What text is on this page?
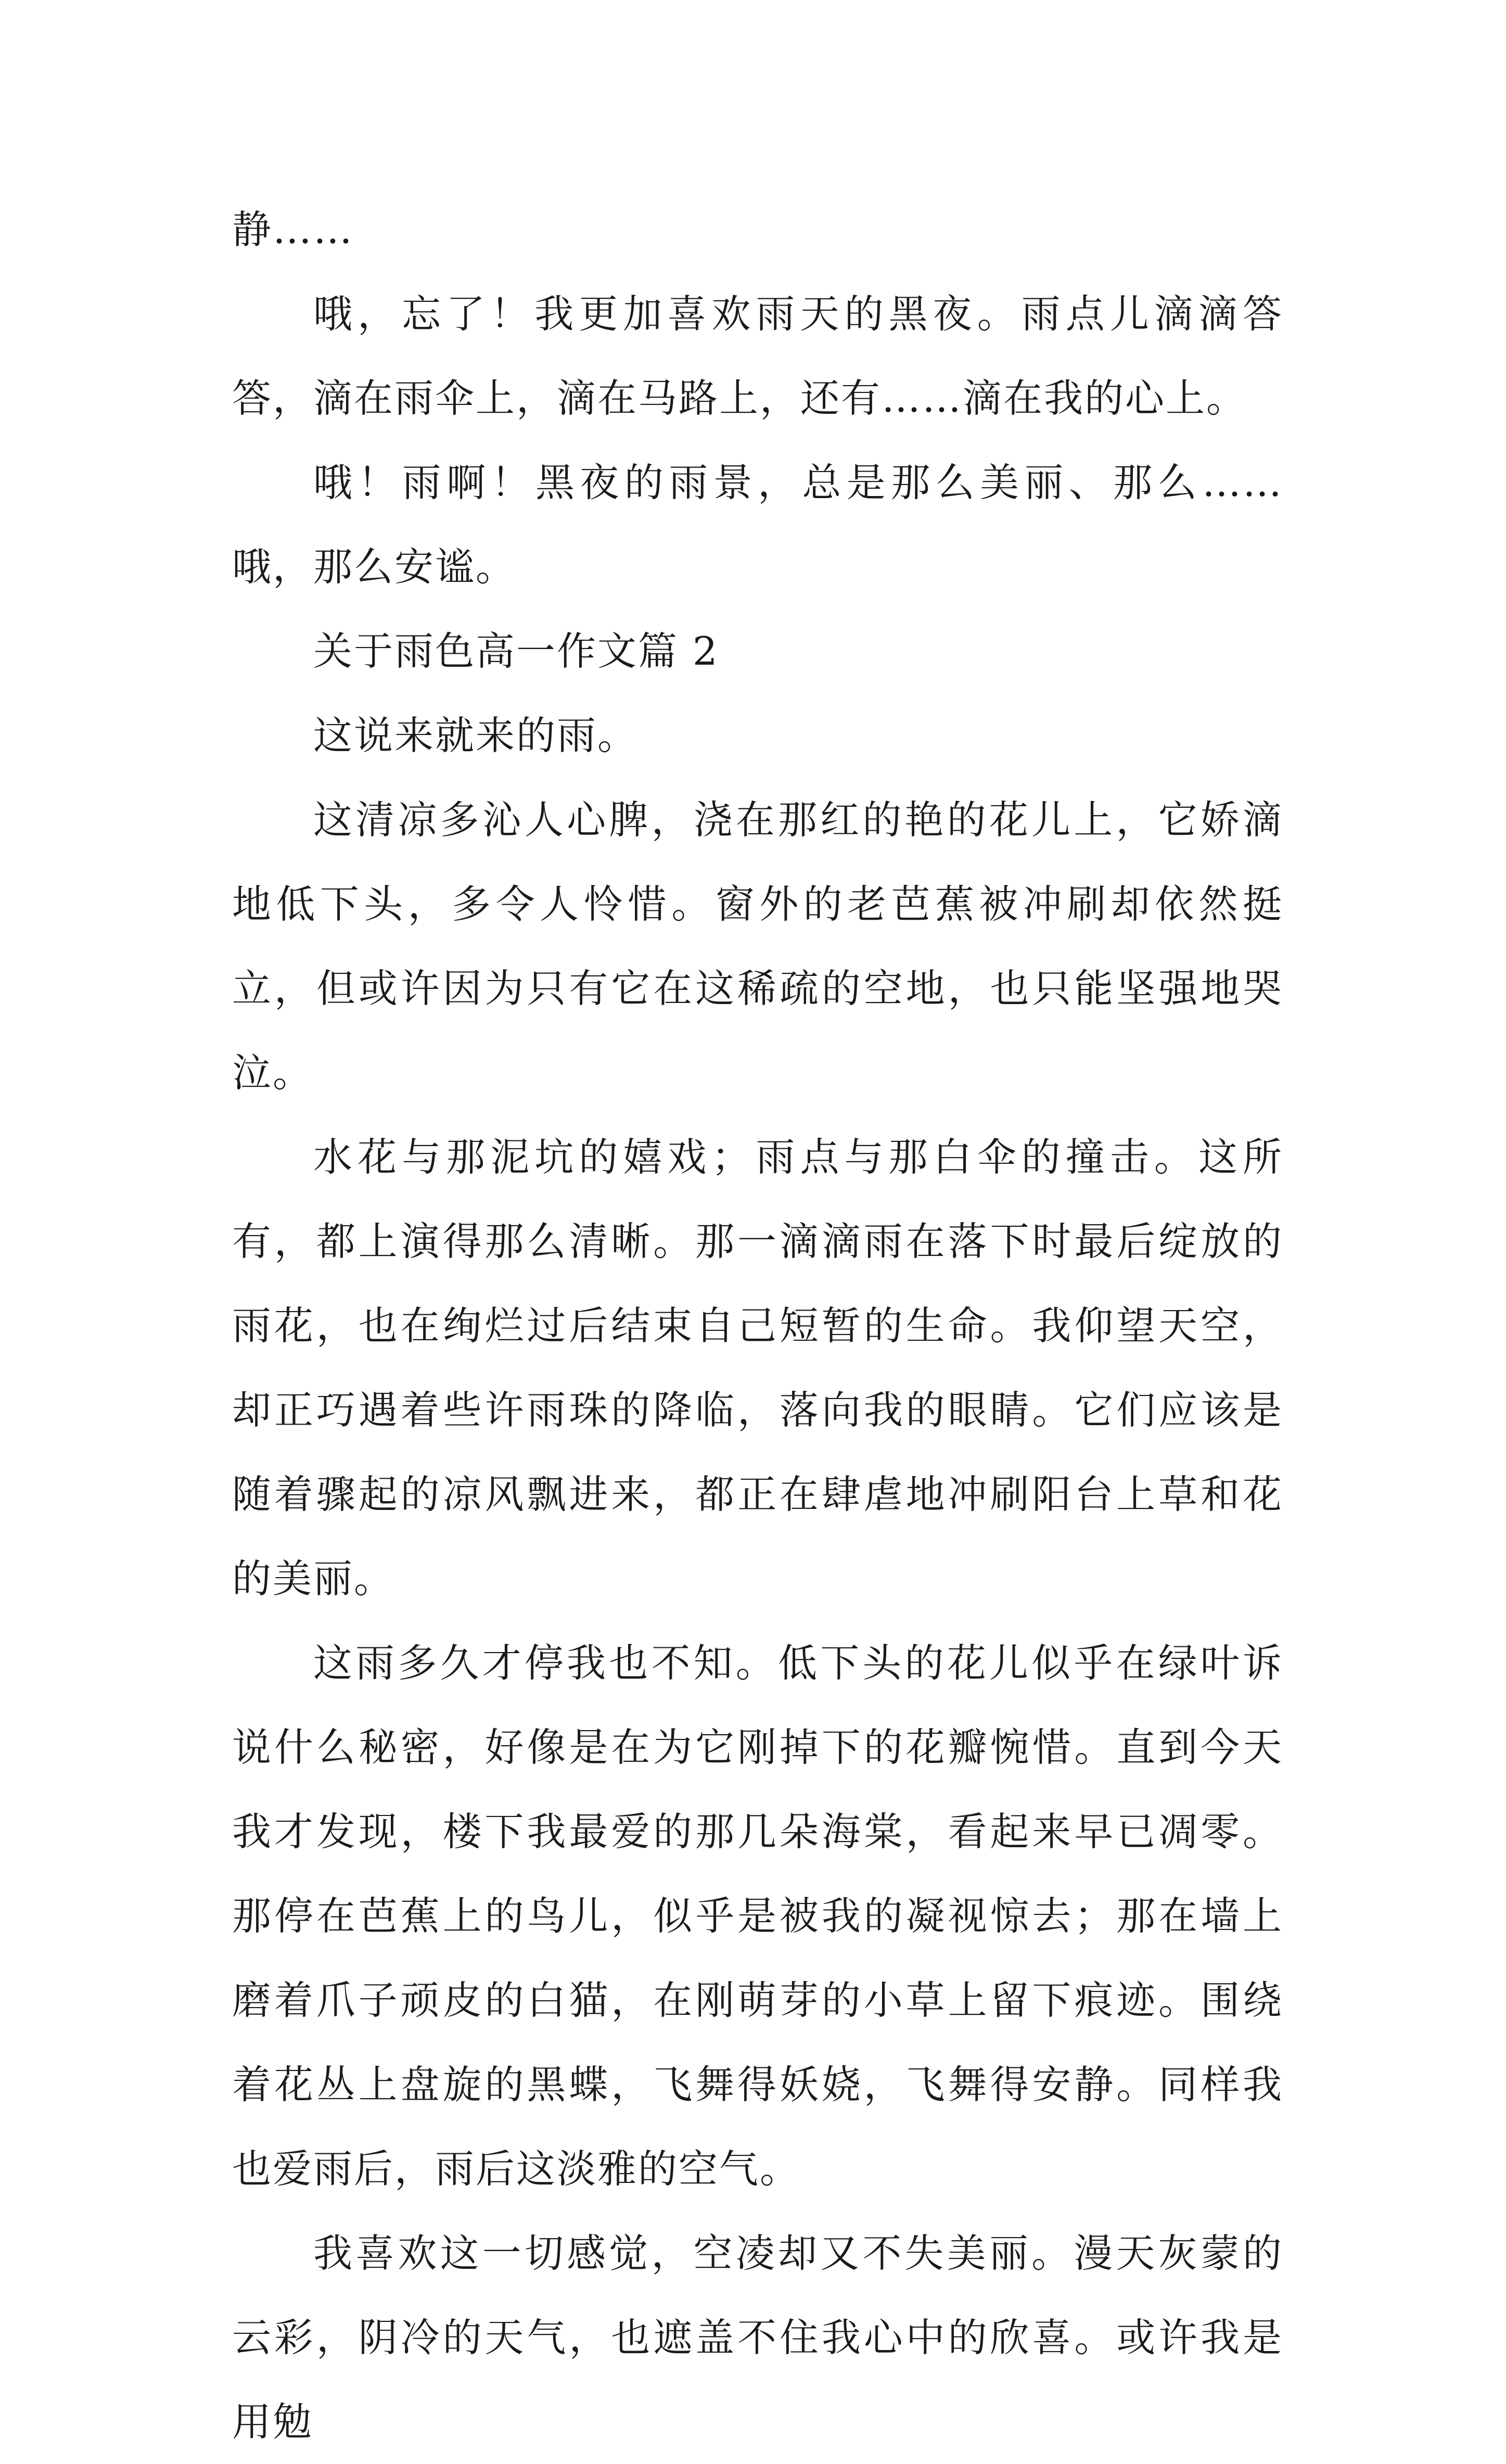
静……

哦，忘了！我更加喜欢雨天的黑夜。雨点儿滴滴答答，滴在雨伞上，滴在马路上，还有……滴在我的心上。

哦！雨啊！黑夜的雨景，总是那么美丽、那么……哦，那么安谧。

关于雨色高一作文篇 2

这说来就来的雨。

这清凉多沁人心脾，浇在那红的艳的花儿上，它娇滴地低下头，多令人怜惜。窗外的老芭蕉被冲刷却依然挺立，但或许因为只有它在这稀疏的空地，也只能坚强地哭泣。

水花与那泥坑的嬉戏；雨点与那白伞的撞击。这所有，都上演得那么清晰。那一滴滴雨在落下时最后绽放的雨花，也在绚烂过后结束自己短暂的生命。我仰望天空，却正巧遇着些许雨珠的降临，落向我的眼睛。它们应该是随着骤起的凉风飘进来，都正在肆虐地冲刷阳台上草和花的美丽。

这雨多久才停我也不知。低下头的花儿似乎在绿叶诉说什么秘密，好像是在为它刚掉下的花瓣惋惜。直到今天我才发现，楼下我最爱的那几朵海棠，看起来早已凋零。那停在芭蕉上的鸟儿，似乎是被我的凝视惊去；那在墙上磨着爪子顽皮的白猫，在刚萌芽的小草上留下痕迹。围绕着花丛上盘旋的黑蝶，飞舞得妖娆，飞舞得安静。同样我也爱雨后，雨后这淡雅的空气。

我喜欢这一切感觉，空凌却又不失美丽。漫天灰蒙的云彩，阴冷的天气，也遮盖不住我心中的欣喜。或许我是用勉
